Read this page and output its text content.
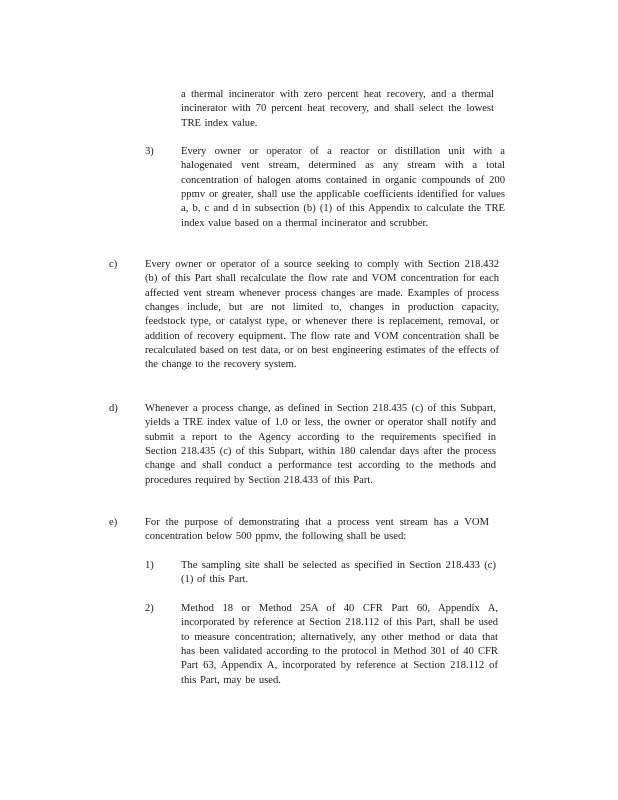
a thermal incinerator with zero percent heat recovery, and a thermal incinerator with 70 percent heat recovery, and shall select the lowest TRE index value.
3)	Every owner or operator of a reactor or distillation unit with a halogenated vent stream, determined as any stream with a total concentration of halogen atoms contained in organic compounds of 200 ppmv or greater, shall use the applicable coefficients identified for values a, b, c and d in subsection (b) (1) of this Appendix to calculate the TRE index value based on a thermal incinerator and scrubber.
c)	Every owner or operator of a source seeking to comply with Section 218.432 (b) of this Part shall recalculate the flow rate and VOM concentration for each affected vent stream whenever process changes are made. Examples of process changes include, but are not limited to, changes in production capacity, feedstock type, or catalyst type, or whenever there is replacement, removal, or addition of recovery equipment. The flow rate and VOM concentration shall be recalculated based on test data, or on best engineering estimates of the effects of the change to the recovery system.
d)	Whenever a process change, as defined in Section 218.435 (c) of this Subpart, yields a TRE index value of 1.0 or less, the owner or operator shall notify and submit a report to the Agency according to the requirements specified in Section 218.435 (c) of this Subpart, within 180 calendar days after the process change and shall conduct a performance test according to the methods and procedures required by Section 218.433 of this Part.
e)	For the purpose of demonstrating that a process vent stream has a VOM concentration below 500 ppmv, the following shall be used:
1)	The sampling site shall be selected as specified in Section 218.433 (c) (1) of this Part.
2)	Method 18 or Method 25A of 40 CFR Part 60, Appendix A, incorporated by reference at Section 218.112 of this Part, shall be used to measure concentration; alternatively, any other method or data that has been validated according to the protocol in Method 301 of 40 CFR Part 63, Appendix A, incorporated by reference at Section 218.112 of this Part, may be used.
